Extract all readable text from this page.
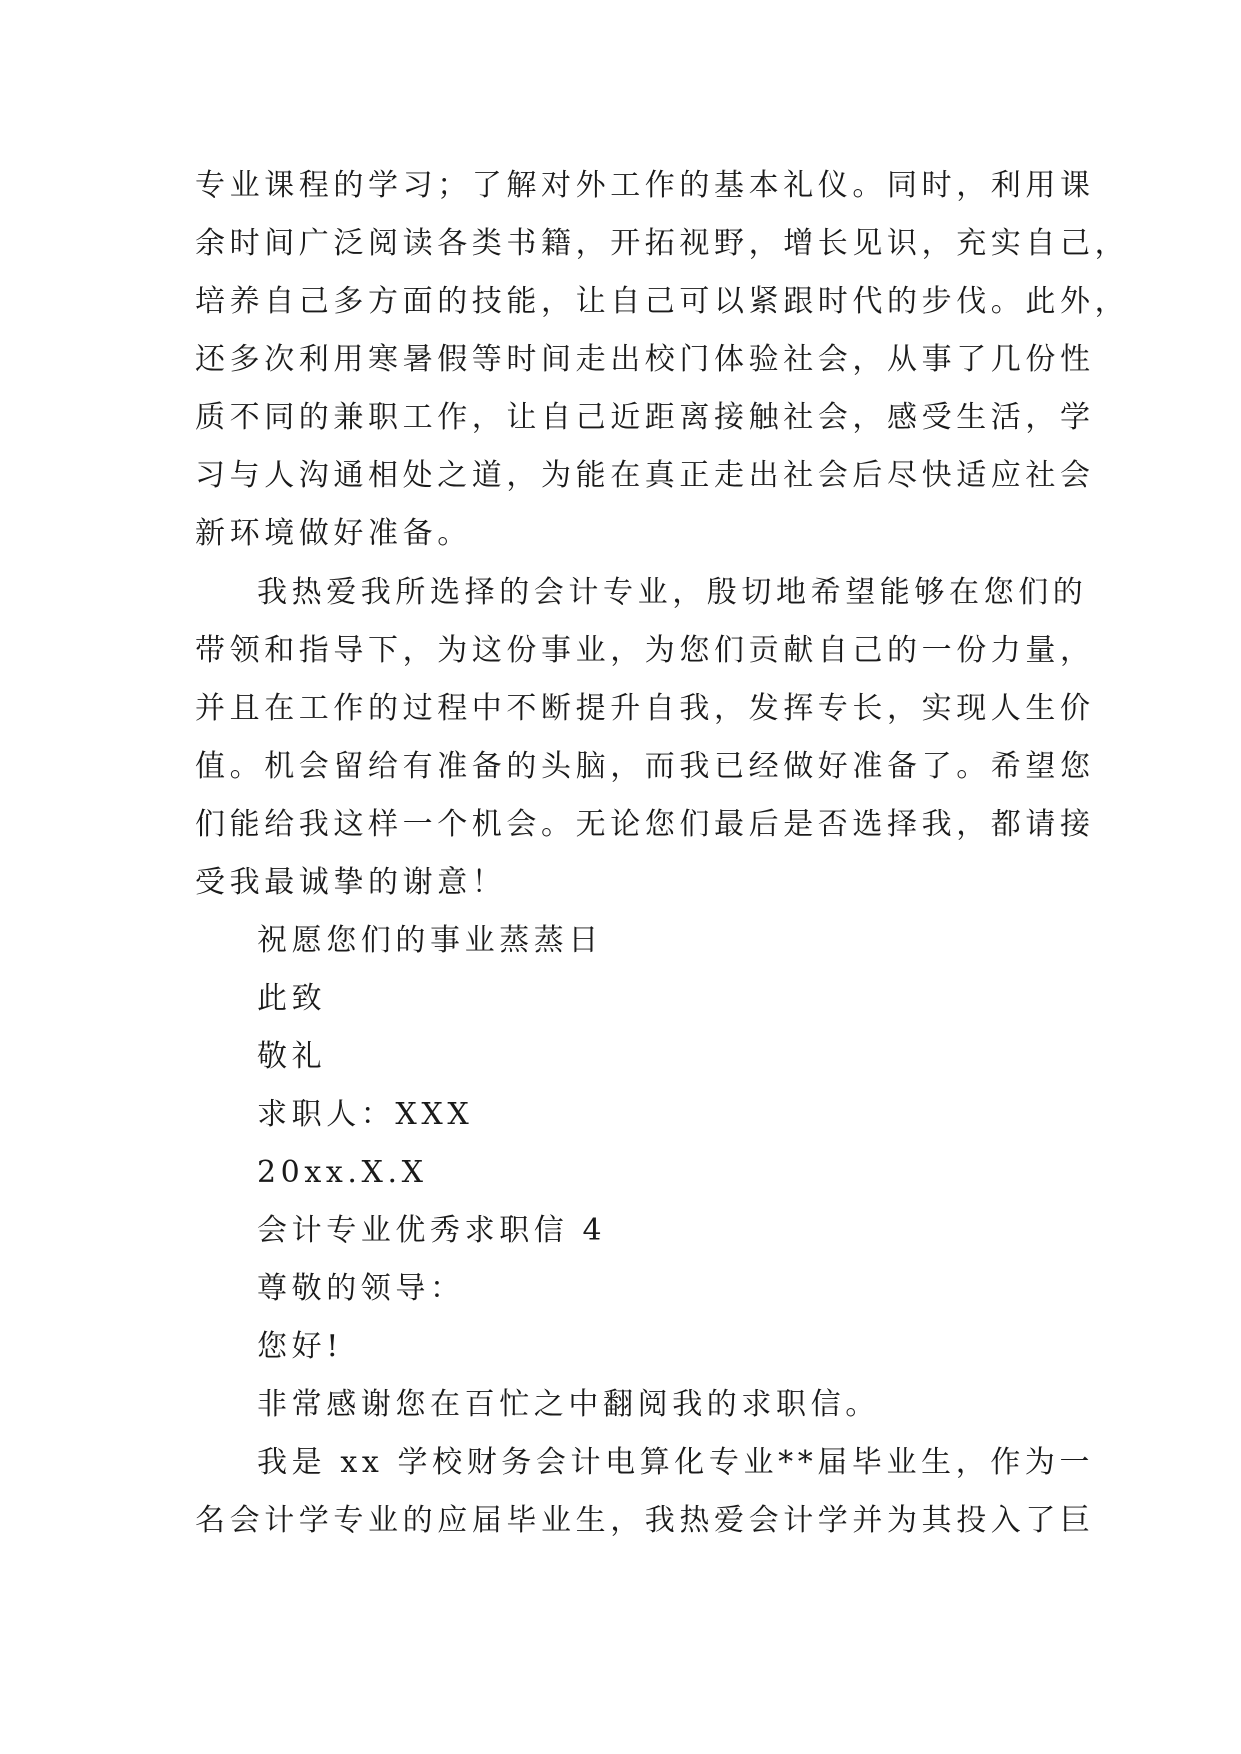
专业课程的学习；了解对外工作的基本礼仪。同时，利用课
余时间广泛阅读各类书籍，开拓视野，增长见识，充实自己，
培养自己多方面的技能，让自己可以紧跟时代的步伐。此外，
还多次利用寒暑假等时间走出校门体验社会，从事了几份性
质不同的兼职工作，让自己近距离接触社会，感受生活，学
习与人沟通相处之道，为能在真正走出社会后尽快适应社会
新环境做好准备。
我热爱我所选择的会计专业，殷切地希望能够在您们的
带领和指导下，为这份事业，为您们贡献自己的一份力量，
并且在工作的过程中不断提升自我，发挥专长，实现人生价
值。机会留给有准备的头脑，而我已经做好准备了。希望您
们能给我这样一个机会。无论您们最后是否选择我，都请接
受我最诚挚的谢意！
祝愿您们的事业蒸蒸日
此致
敬礼
求职人：XXX
20xx.X.X
会计专业优秀求职信 4
尊敬的领导：
您好!
非常感谢您在百忙之中翻阅我的求职信。
我是 xx 学校财务会计电算化专业**届毕业生，作为一
名会计学专业的应届毕业生，我热爱会计学并为其投入了巨
